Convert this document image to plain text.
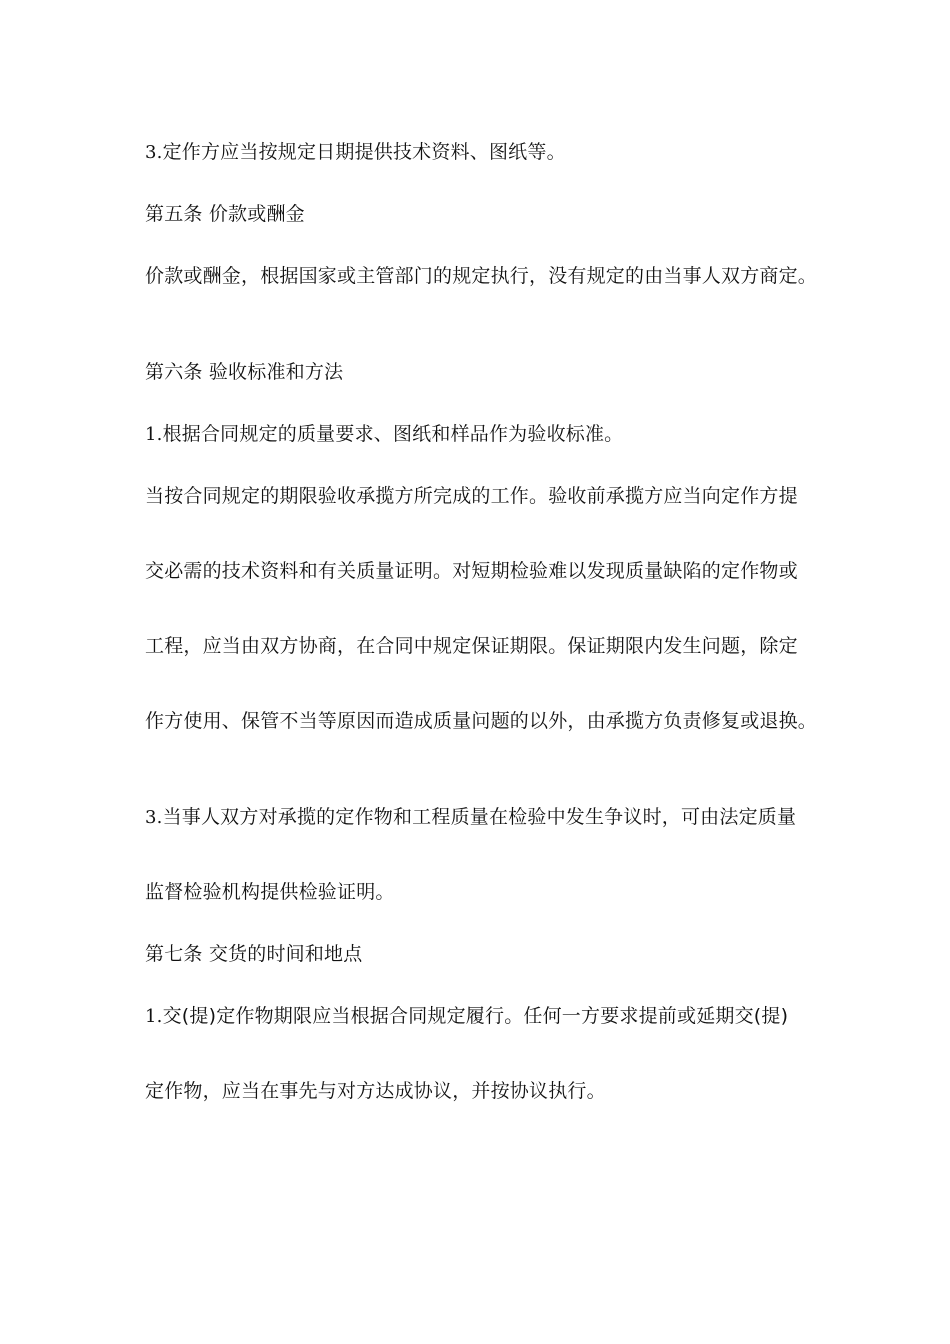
3.定作方应当按规定日期提供技术资料、图纸等。
第五条 价款或酬金
价款或酬金，根据国家或主管部门的规定执行，没有规定的由当事人双方商定。
第六条 验收标准和方法
1.根据合同规定的质量要求、图纸和样品作为验收标准。
当按合同规定的期限验收承揽方所完成的工作。验收前承揽方应当向定作方提
交必需的技术资料和有关质量证明。对短期检验难以发现质量缺陷的定作物或
工程，应当由双方协商，在合同中规定保证期限。保证期限内发生问题，除定
作方使用、保管不当等原因而造成质量问题的以外，由承揽方负责修复或退换。
3.当事人双方对承揽的定作物和工程质量在检验中发生争议时，可由法定质量
监督检验机构提供检验证明。
第七条 交货的时间和地点
1.交(提)定作物期限应当根据合同规定履行。任何一方要求提前或延期交(提)
定作物，应当在事先与对方达成协议，并按协议执行。
